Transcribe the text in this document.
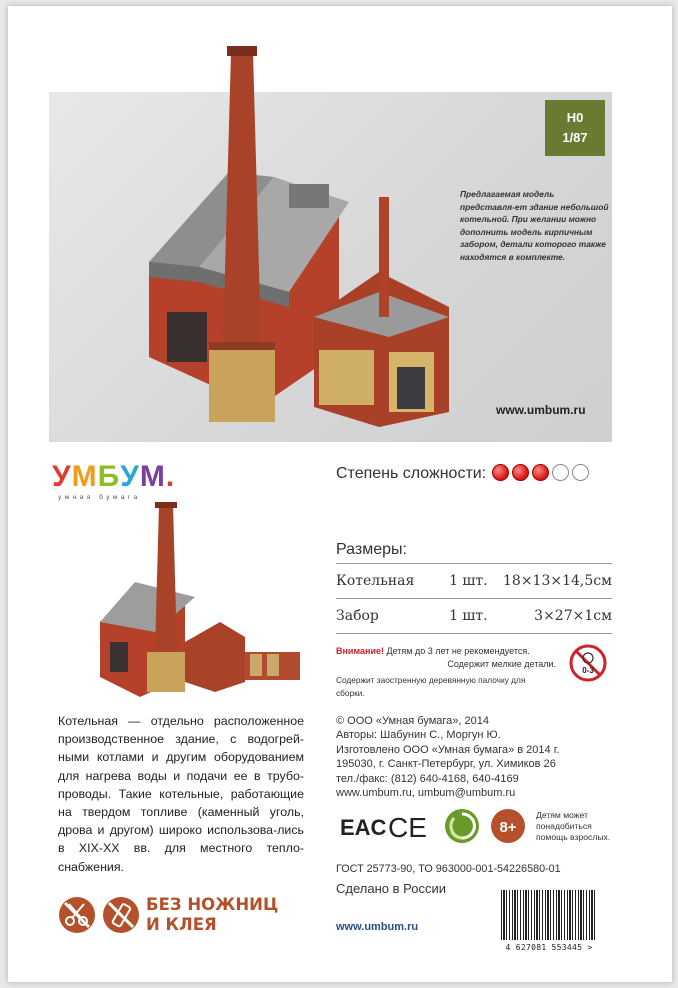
H0
1/87
Предлагаемая модель представля-ет здание небольшой котельной. При желании можно дополнить модель кирпичным забором, детали которого также находятся в комплекте.
www.umbum.ru
УМБУМ.
умная бумага
Степень сложности:
Размеры:
Котельная	1 шт.	18×13×14,5см
Забор	1 шт.	3×27×1см
Внимание! Детям до 3 лет не рекомендуется.
Содержит мелкие детали.
Содержит заостренную деревянную палочку для сборки.
0-3
Котельная — отдельно расположенное производственное здание, с водогрей-ными котлами и другим оборудованием для нагрева воды и подачи ее в трубо-проводы. Такие котельные, работающие на твердом топливе (каменный уголь, дрова и другом) широко использова-лись в XIX-XX вв. для местного тепло-снабжения.
© ООО «Умная бумага», 2014
Авторы: Шабунин С., Моргун Ю.
Изготовлено ООО «Умная бумага» в 2014 г.
195030, г. Санкт-Петербург, ул. Химиков 26
тел./факс: (812) 640-4168, 640-4169
www.umbum.ru, umbum@umbum.ru
EAC CE	8+
Детям может
понадобиться
помощь взрослых.
ГОСТ 25773-90, ТО 963000-001-54226580-01
Сделано в России
www.umbum.ru
4 627081 553445 >
БЕЗ НОЖНИЦ
И КЛЕЯ
